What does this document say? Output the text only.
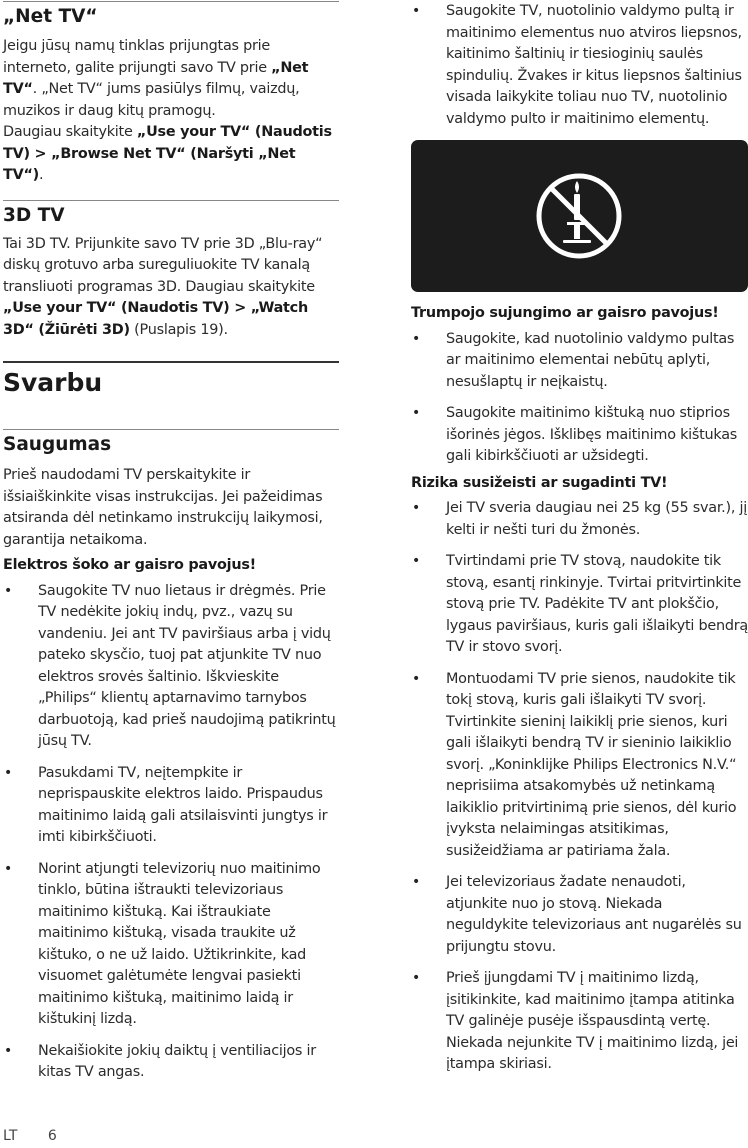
„Net TV“

Jeigu jūsų namų tinklas prijungtas prie interneto, galite prijungti savo TV prie „Net TV“. „Net TV“ jums pasiūlys filmų, vaizdų, muzikos ir daug kitų pramogų.

Daugiau skaitykite „Use your TV“ (Naudotis TV) > „Browse Net TV“ (Naršyti „Net TV“).

3D TV

Tai 3D TV. Prijunkite savo TV prie 3D „Blu-ray“ diskų grotuvo arba sureguliuokite TV kanalą transliuoti programas 3D. Daugiau skaitykite „Use your TV“ (Naudotis TV) > „Watch 3D“ (Žiūrėti 3D) (Puslapis 19).

Svarbu
Saugumas

Prieš naudodami TV perskaitykite ir išsiaiškinkite visas instrukcijas. Jei pažeidimas atsiranda dėl netinkamo instrukcijų laikymosi, garantija netaikoma.

Elektros šoko ar gaisro pavojus!
• Saugokite TV nuo lietaus ir drėgmės. Prie TV nedėkite jokių indų, pvz., vazų su vandeniu. Jei ant TV paviršiaus arba į vidų pateko skysčio, tuoj pat atjunkite TV nuo elektros srovės šaltinio. Iškvieskite „Philips“ klientų aptarnavimo tarnybos darbuotoją, kad prieš naudojimą patikrintų jūsų TV.
• Pasukdami TV, neįtempkite ir neprispauskite elektros laido. Prispaudus maitinimo laidą gali atsilaisvinti jungtys ir imti kibirkščiuoti.
• Norint atjungti televizorių nuo maitinimo tinklo, būtina ištraukti televizoriaus maitinimo kištuką. Kai ištraukiate maitinimo kištuką, visada traukite už kištuko, o ne už laido. Užtikrinkite, kad visuomet galėtumėte lengvai pasiekti maitinimo kištuką, maitinimo laidą ir kištukinį lizdą.
• Nekaišiokite jokių daiktų į ventiliacijos ir kitas TV angas.
• Saugokite TV, nuotolinio valdymo pultą ir maitinimo elementus nuo atviros liepsnos, kaitinimo šaltinių ir tiesioginių saulės spindulių. Žvakes ir kitus liepsnos šaltinius visada laikykite toliau nuo TV, nuotolinio valdymo pulto ir maitinimo elementų.
Trumpojo sujungimo ar gaisro pavojus!
• Saugokite, kad nuotolinio valdymo pultas ar maitinimo elementai nebūtų aplyti, nesušlaptų ir neįkaistų.
• Saugokite maitinimo kištuką nuo stiprios išorinės jėgos. Išklibęs maitinimo kištukas gali kibirkščiuoti ar užsidegti.
Rizika susižeisti ar sugadinti TV!
• Jei TV sveria daugiau nei 25 kg (55 svar.), jį kelti ir nešti turi du žmonės.
• Tvirtindami prie TV stovą, naudokite tik stovą, esantį rinkinyje. Tvirtai pritvirtinkite stovą prie TV. Padėkite TV ant plokščio, lygaus paviršiaus, kuris gali išlaikyti bendrą TV ir stovo svorį.
• Montuodami TV prie sienos, naudokite tik tokį stovą, kuris gali išlaikyti TV svorį. Tvirtinkite sieninį laikiklį prie sienos, kuri gali išlaikyti bendrą TV ir sieninio laikiklio svorį. „Koninklijke Philips Electronics N.V.“ neprisiima atsakomybės už netinkamą laikiklio pritvirtinimą prie sienos, dėl kurio įvyksta nelaimingas atsitikimas, susižeidžiama ar patiriama žala.
• Jei televizoriaus žadate nenaudoti, atjunkite nuo jo stovą. Niekada neguldykite televizoriaus ant nugarėlės su prijungtu stovu.
• Prieš įjungdami TV į maitinimo lizdą, įsitikinkite, kad maitinimo įtampa atitinka TV galinėje pusėje išspausdintą vertę. Niekada nejunkite TV į maitinimo lizdą, jei įtampa skiriasi.
LT 6
